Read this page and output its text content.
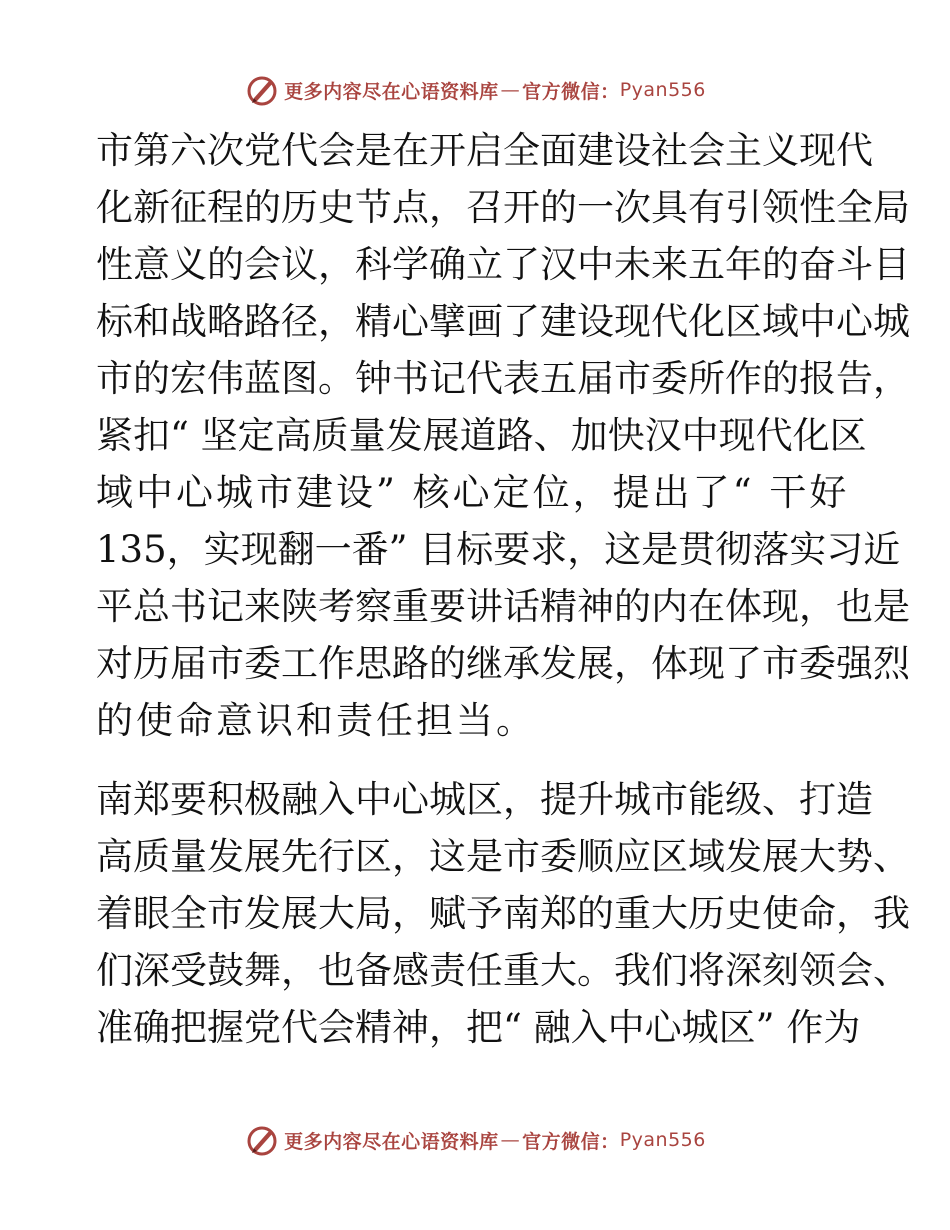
更多内容尽在心语资料库 — 官方微信： Pyan556
市第六次党代会是在开启全面建设社会主义现代
化新征程的历史节点，召开的一次具有引领性全局
性意义的会议，科学确立了汉中未来五年的奋斗目
标和战略路径，精心擘画了建设现代化区域中心城
市的宏伟蓝图。钟书记代表五届市委所作的报告，
紧扣“ 坚定高质量发展道路、加快汉中现代化区
域中心城市建设” 核心定位，提出了“ 干好
135，实现翻一番” 目标要求，这是贯彻落实习近
平总书记来陕考察重要讲话精神的内在体现，也是
对历届市委工作思路的继承发展，体现了市委强烈
的使命意识和责任担当。
南郑要积极融入中心城区，提升城市能级、打造
高质量发展先行区，这是市委顺应区域发展大势、
着眼全市发展大局，赋予南郑的重大历史使命，我
们深受鼓舞，也备感责任重大。我们将深刻领会、
准确把握党代会精神，把“ 融入中心城区” 作为
更多内容尽在心语资料库 — 官方微信： Pyan556
